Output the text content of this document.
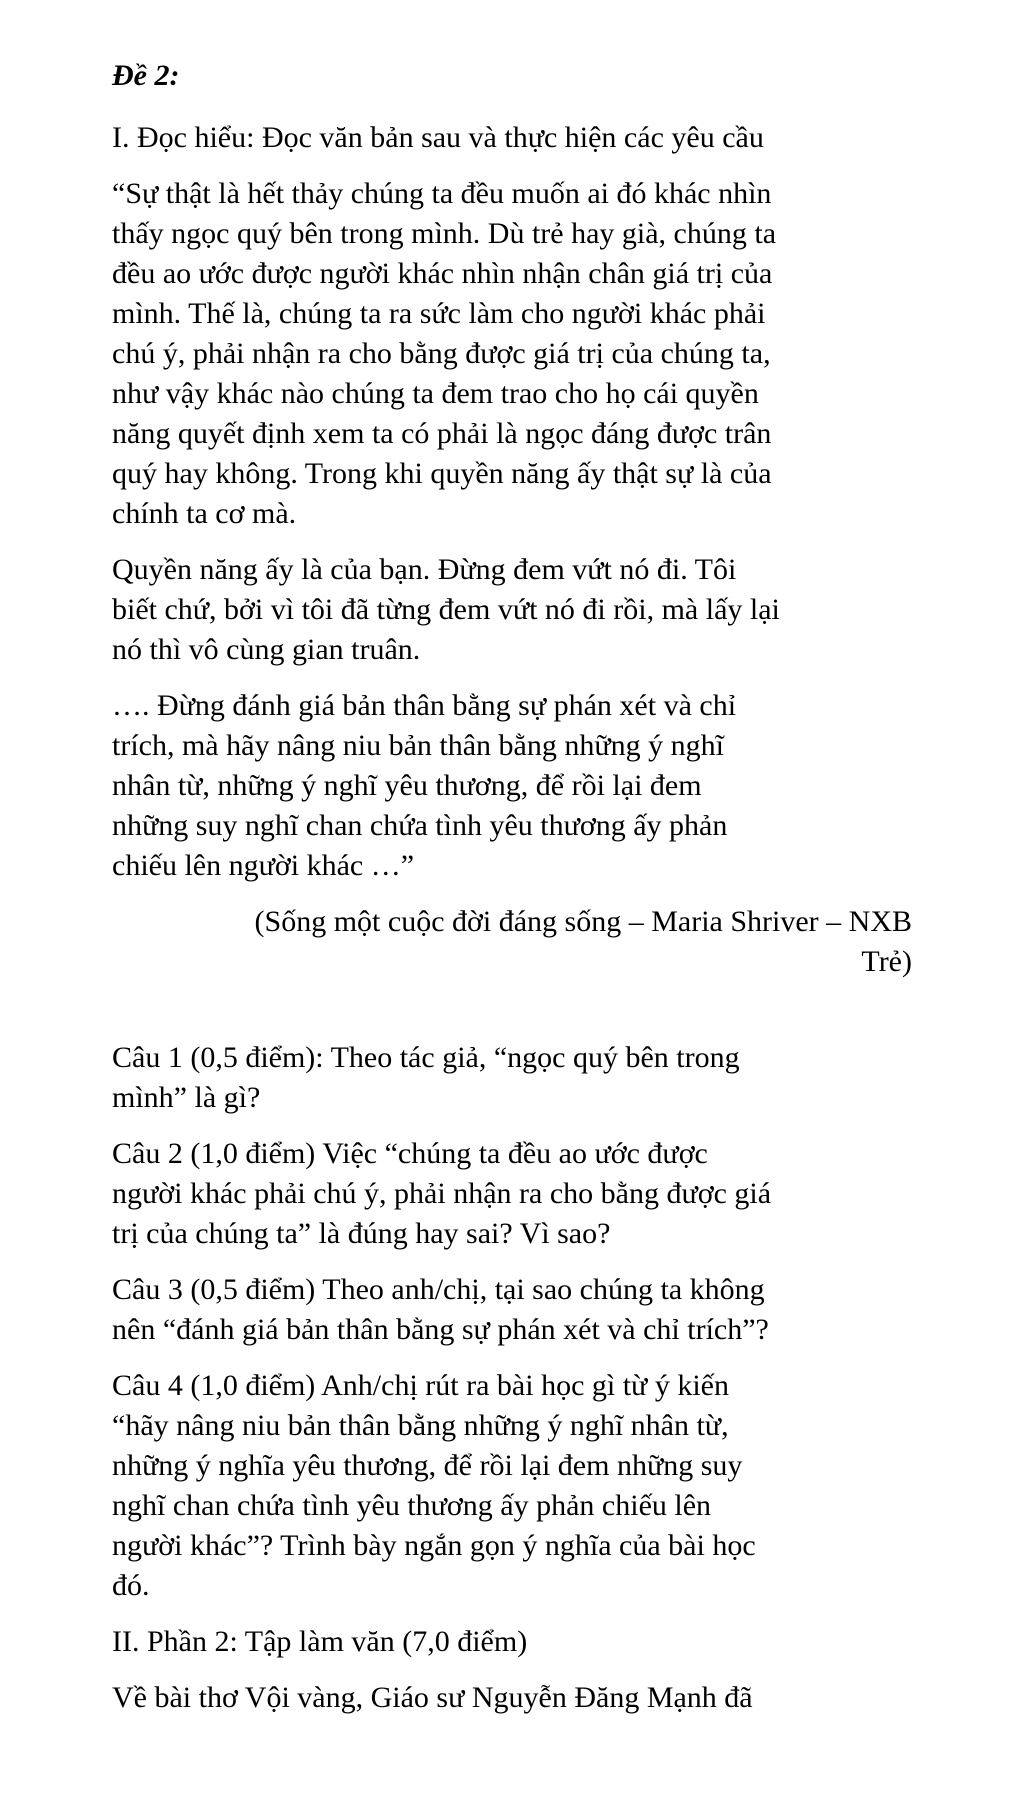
Đề 2:
I. Đọc hiểu: Đọc văn bản sau và thực hiện các yêu cầu
“Sự thật là hết thảy chúng ta đều muốn ai đó khác nhìn
thấy ngọc quý bên trong mình. Dù trẻ hay già, chúng ta
đều ao ước được người khác nhìn nhận chân giá trị của
mình. Thế là, chúng ta ra sức làm cho người khác phải
chú ý, phải nhận ra cho bằng được giá trị của chúng ta,
như vậy khác nào chúng ta đem trao cho họ cái quyền
năng quyết định xem ta có phải là ngọc đáng được trân
quý hay không. Trong khi quyền năng ấy thật sự là của
chính ta cơ mà.
Quyền năng ấy là của bạn. Đừng đem vứt nó đi. Tôi
biết chứ, bởi vì tôi đã từng đem vứt nó đi rồi, mà lấy lại
nó thì vô cùng gian truân.
…. Đừng đánh giá bản thân bằng sự phán xét và chỉ
trích, mà hãy nâng niu bản thân bằng những ý nghĩ
nhân từ, những ý nghĩ yêu thương, để rồi lại đem
những suy nghĩ chan chứa tình yêu thương ấy phản
chiếu lên người khác …”
(Sống một cuộc đời đáng sống – Maria Shriver – NXB
Trẻ)
Câu 1 (0,5 điểm): Theo tác giả, “ngọc quý bên trong
mình” là gì?
Câu 2 (1,0 điểm) Việc “chúng ta đều ao ước được
người khác phải chú ý, phải nhận ra cho bằng được giá
trị của chúng ta” là đúng hay sai? Vì sao?
Câu 3 (0,5 điểm) Theo anh/chị, tại sao chúng ta không
nên “đánh giá bản thân bằng sự phán xét và chỉ trích”?
Câu 4 (1,0 điểm) Anh/chị rút ra bài học gì từ ý kiến
“hãy nâng niu bản thân bằng những ý nghĩ nhân từ,
những ý nghĩa yêu thương, để rồi lại đem những suy
nghĩ chan chứa tình yêu thương ấy phản chiếu lên
người khác”? Trình bày ngắn gọn ý nghĩa của bài học
đó.
II. Phần 2: Tập làm văn (7,0 điểm)
Về bài thơ Vội vàng, Giáo sư Nguyễn Đăng Mạnh đã
